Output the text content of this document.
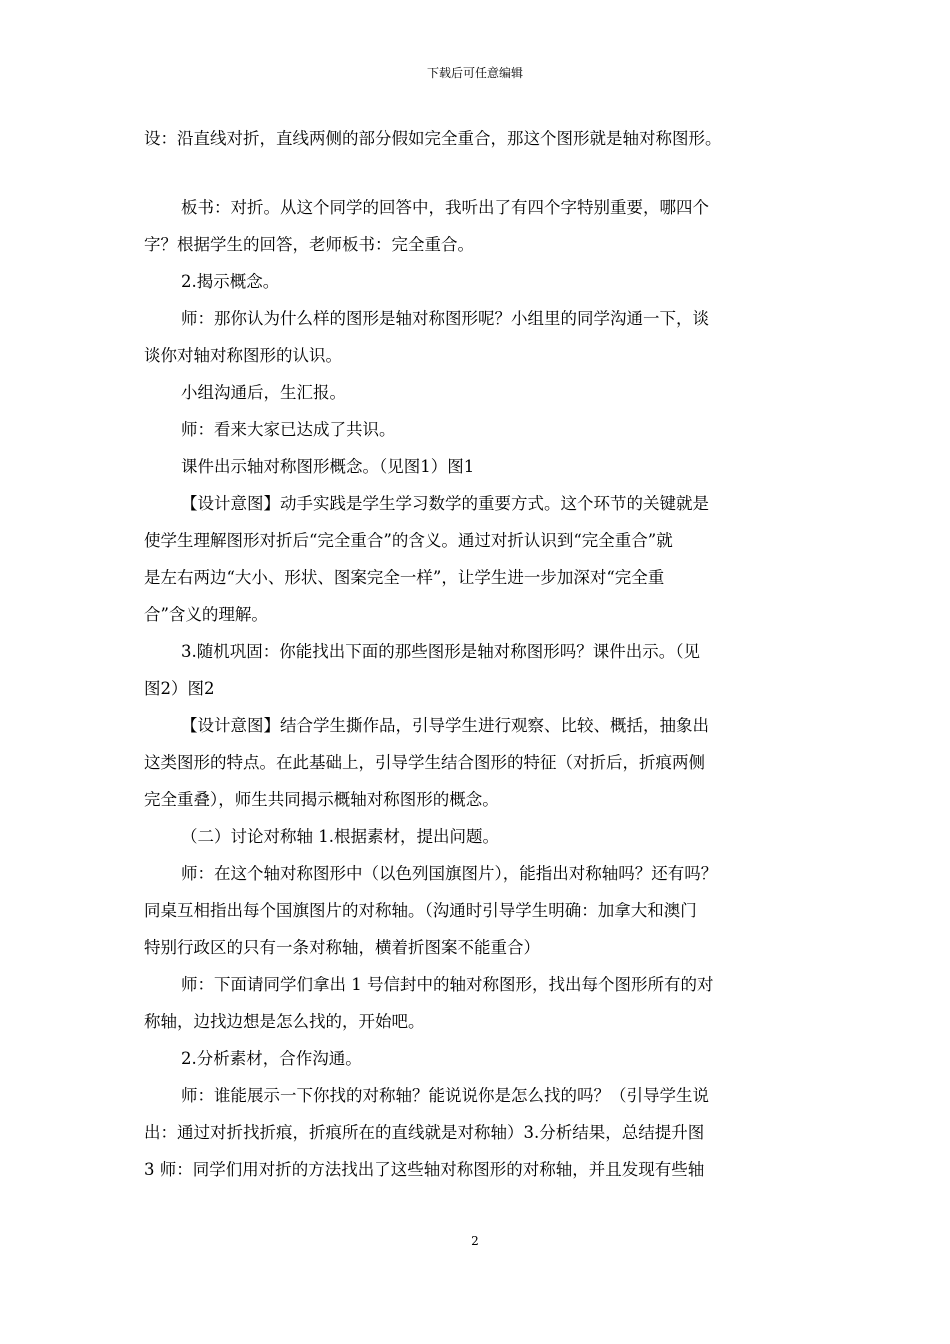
下载后可任意编辑

设：沿直线对折，直线两侧的部分假如完全重合，那这个图形就是轴对称图形。

板书：对折。从这个同学的回答中，我听出了有四个字特别重要，哪四个

字？根据学生的回答，老师板书：完全重合。

2.揭示概念。

师：那你认为什么样的图形是轴对称图形呢？小组里的同学沟通一下，谈

谈你对轴对称图形的认识。

小组沟通后，生汇报。

师：看来大家已达成了共识。

课件出示轴对称图形概念。（见图1）图1

【设计意图】动手实践是学生学习数学的重要方式。这个环节的关键就是

使学生理解图形对折后“完全重合”的含义。通过对折认识到“完全重合”就

是左右两边“大小、形状、图案完全一样”，让学生进一步加深对“完全重

合”含义的理解。

3.随机巩固：你能找出下面的那些图形是轴对称图形吗？课件出示。（见

图2）图2

【设计意图】结合学生撕作品，引导学生进行观察、比较、概括，抽象出

这类图形的特点。在此基础上，引导学生结合图形的特征（对折后，折痕两侧

完全重叠），师生共同揭示概轴对称图形的概念。

（二）讨论对称轴 1.根据素材，提出问题。

师：在这个轴对称图形中（以色列国旗图片），能指出对称轴吗？还有吗？

同桌互相指出每个国旗图片的对称轴。（沟通时引导学生明确：加拿大和澳门

特别行政区的只有一条对称轴，横着折图案不能重合）

师：下面请同学们拿出 1 号信封中的轴对称图形，找出每个图形所有的对

称轴，边找边想是怎么找的，开始吧。

2.分析素材，合作沟通。

师：谁能展示一下你找的对称轴？能说说你是怎么找的吗？（引导学生说

出：通过对折找折痕，折痕所在的直线就是对称轴）3.分析结果，总结提升图

3 师：同学们用对折的方法找出了这些轴对称图形的对称轴，并且发现有些轴

2
